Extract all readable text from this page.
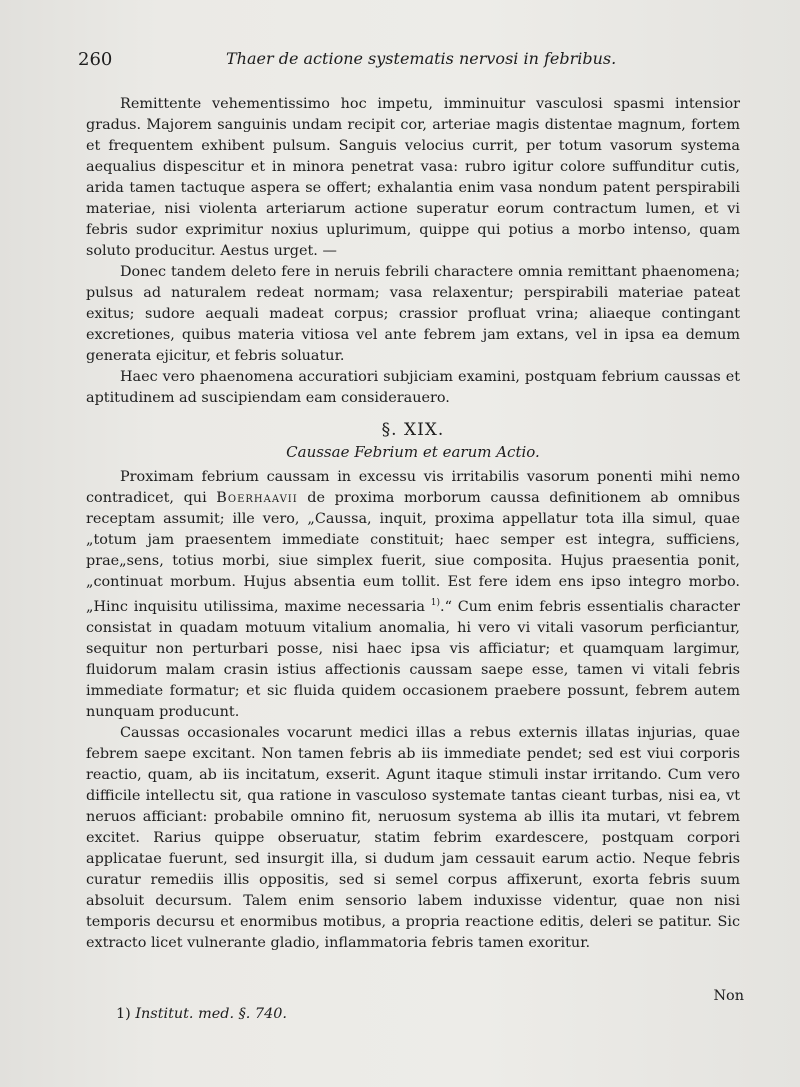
260	Thaer de actione systematis nervosi in febribus.

Remittente vehementissimo hoc impetu, imminuitur vasculosi spasmi intensior gradus. Majorem sanguinis undam recipit cor, arteriae magis distentae magnum, fortem et frequentem exhibent pulsum. Sanguis velocius currit, per totum vasorum systema aequalius dispescitur et in minora penetrat vasa: rubro igitur colore suffunditur cutis, arida tamen tactuque aspera se offert; exhalantia enim vasa nondum patent perspirabili materiae, nisi violenta arteriarum actione superatur eorum contractum lumen, et vi febris sudor exprimitur noxius uplurimum, quippe qui potius a morbo intenso, quam soluto producitur. Aestus urget. —

Donec tandem deleto fere in neruis febrili charactere omnia remittant phaenomena; pulsus ad naturalem redeat normam; vasa relaxentur; perspirabili materiae pateat exitus; sudore aequali madeat corpus; crassior profluat vrina; aliaeque contingant excretiones, quibus materia vitiosa vel ante febrem jam extans, vel in ipsa ea demum generata ejicitur, et febris soluatur.

Haec vero phaenomena accuratiori subjiciam examini, postquam febrium caussas et aptitudinem ad suscipiendam eam considerauero.

§. XIX.
Caussae Febrium et earum Actio.

Proximam febrium caussam in excessu vis irritabilis vasorum ponenti mihi nemo contradicet, qui Boerhaavii de proxima morborum caussa definitionem ab omnibus receptam assumit; ille vero, „Caussa, inquit, proxima appellatur tota illa simul, quae „totum jam praesentem immediate constituit; haec semper est integra, sufficiens, prae„sens, totius morbi, siue simplex fuerit, siue composita. Hujus praesentia ponit, „continuat morbum. Hujus absentia eum tollit. Est fere idem ens ipso integro morbo. „Hinc inquisitu utilissima, maxime necessaria $^{1)}$.“ Cum enim febris essentialis character consistat in quadam motuum vitalium anomalia, hi vero vi vitali vasorum perficiantur, sequitur non perturbari posse, nisi haec ipsa vis afficiatur; et quamquam largimur, fluidorum malam crasin istius affectionis caussam saepe esse, tamen vi vitali febris immediate formatur; et sic fluida quidem occasionem praebere possunt, febrem autem nunquam producunt.

Caussas occasionales vocarunt medici illas a rebus externis illatas injurias, quae febrem saepe excitant. Non tamen febris ab iis immediate pendet; sed est viui corporis reactio, quam, ab iis incitatum, exserit. Agunt itaque stimuli instar irritando. Cum vero difficile intellectu sit, qua ratione in vasculoso systemate tantas cieant turbas, nisi ea, vt neruos afficiant: probabile omnino fit, neruosum systema ab illis ita mutari, vt febrem excitet. Rarius quippe obseruatur, statim febrim exardescere, postquam corpori applicatae fuerunt, sed insurgit illa, si dudum jam cessauit earum actio. Neque febris curatur remediis illis oppositis, sed si semel corpus affixerunt, exorta febris suum absoluit decursum. Talem enim sensorio labem induxisse videntur, quae non nisi temporis decursu et enormibus motibus, a propria reactione editis, deleri se patitur. Sic extracto licet vulnerante gladio, inflammatoria febris tamen exoritur.

Non
1) Institut. med. §. 740.
